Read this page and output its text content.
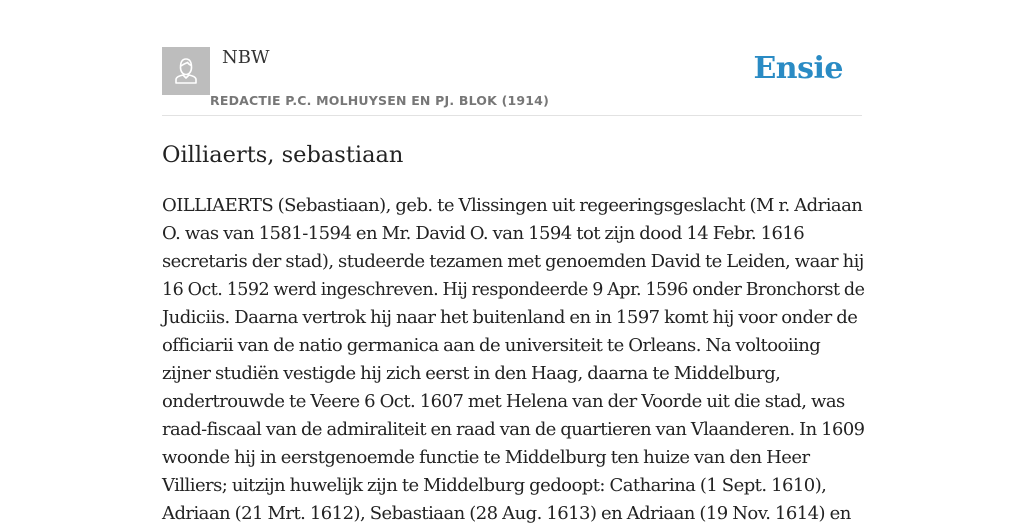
NBW
REDACTIE P.C. MOLHUYSEN EN PJ. BLOK (1914)
Ensie
Oilliaerts, sebastiaan

OILLIAERTS (Sebastiaan), geb. te Vlissingen uit regeeringsgeslacht (M r. Adriaan
O. was van 1581-1594 en Mr. David O. van 1594 tot zijn dood 14 Febr. 1616
secretaris der stad), studeerde tezamen met genoemden David te Leiden, waar hij
16 Oct. 1592 werd ingeschreven. Hij respondeerde 9 Apr. 1596 onder Bronchorst de
Judiciis. Daarna vertrok hij naar het buitenland en in 1597 komt hij voor onder de
officiarii van de natio germanica aan de universiteit te Orleans. Na voltooiing
zijner studiën vestigde hij zich eerst in den Haag, daarna te Middelburg,
ondertrouwde te Veere 6 Oct. 1607 met Helena van der Voorde uit die stad, was
raad-fiscaal van de admiraliteit en raad van de quartieren van Vlaanderen. In 1609
woonde hij in eerstgenoemde functie te Middelburg ten huize van den Heer
Villiers; uitzijn huwelijk zijn te Middelburg gedoopt: Catharina (1 Sept. 1610),
Adriaan (21 Mrt. 1612), Sebastiaan (28 Aug. 1613) en Adriaan (19 Nov. 1614) en
